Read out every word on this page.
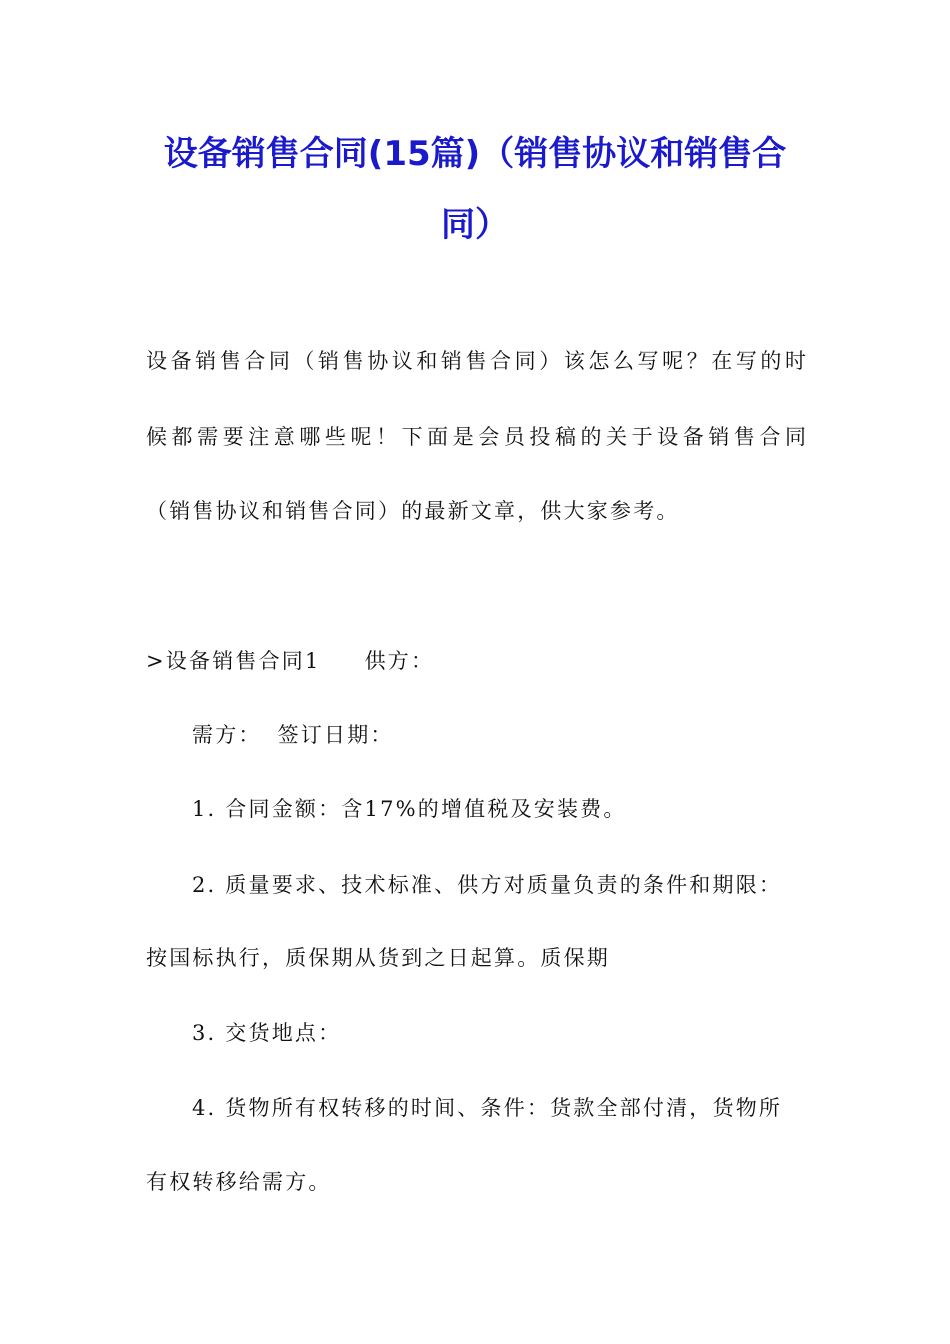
设备销售合同(15篇)（销售协议和销售合
同）
设备销售合同（销售协议和销售合同）该怎么写呢？在写的时
候都需要注意哪些呢！下面是会员投稿的关于设备销售合同
（销售协议和销售合同）的最新文章，供大家参考。
>设备销售合同1 供方：
需方： 签订日期：
1. 合同金额：含17%的增值税及安装费。
2. 质量要求、技术标准、供方对质量负责的条件和期限：
按国标执行，质保期从货到之日起算。质保期
3. 交货地点：
4. 货物所有权转移的时间、条件：货款全部付清，货物所
有权转移给需方。
